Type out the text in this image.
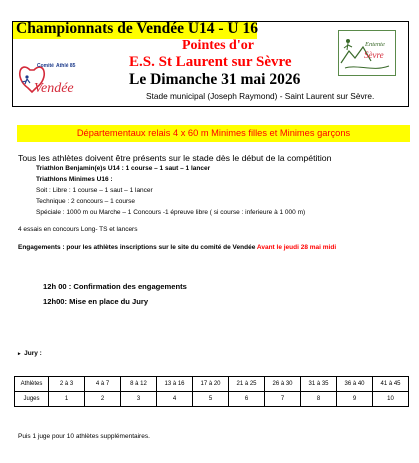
Championnats de Vendée U14 - U 16
Pointes d'or
E.S. St Laurent sur Sèvre
Le Dimanche 31 mai 2026
Stade municipal (Joseph Raymond) - Saint Laurent sur Sèvre.
Comité Athlé 85
Vendée
Entente
Sèvre
Départementaux relais 4 x 60 m Minimes filles et Minimes garçons
Tous les athlètes doivent être présents sur le stade dès le début de la compétition
Triathlon Benjamin(e)s U14 : 1 course – 1 saut – 1 lancer
Triathlons Minimes U16 :
Soit : Libre : 1 course – 1 saut – 1 lancer
Technique : 2 concours – 1 course
Spéciale : 1000 m ou Marche – 1 Concours -1 épreuve libre ( si course : inferieure à 1 000 m)
4 essais en concours Long- TS et lancers
Engagements : pour les athlètes inscriptions sur le site du comité de Vendée Avant le jeudi 28 mai midi
12h 00 : Confirmation des engagements
12h00: Mise en place du Jury
▸ Jury :
Athlètes	2 à 3	4 à 7	8 à 12	13 à 16	17 à 20	21 à 25	26 à 30	31 à 35	36 à 40	41 à 45
Juges	1	2	3	4	5	6	7	8	9	10
Puis 1 juge pour 10 athlètes supplémentaires.
